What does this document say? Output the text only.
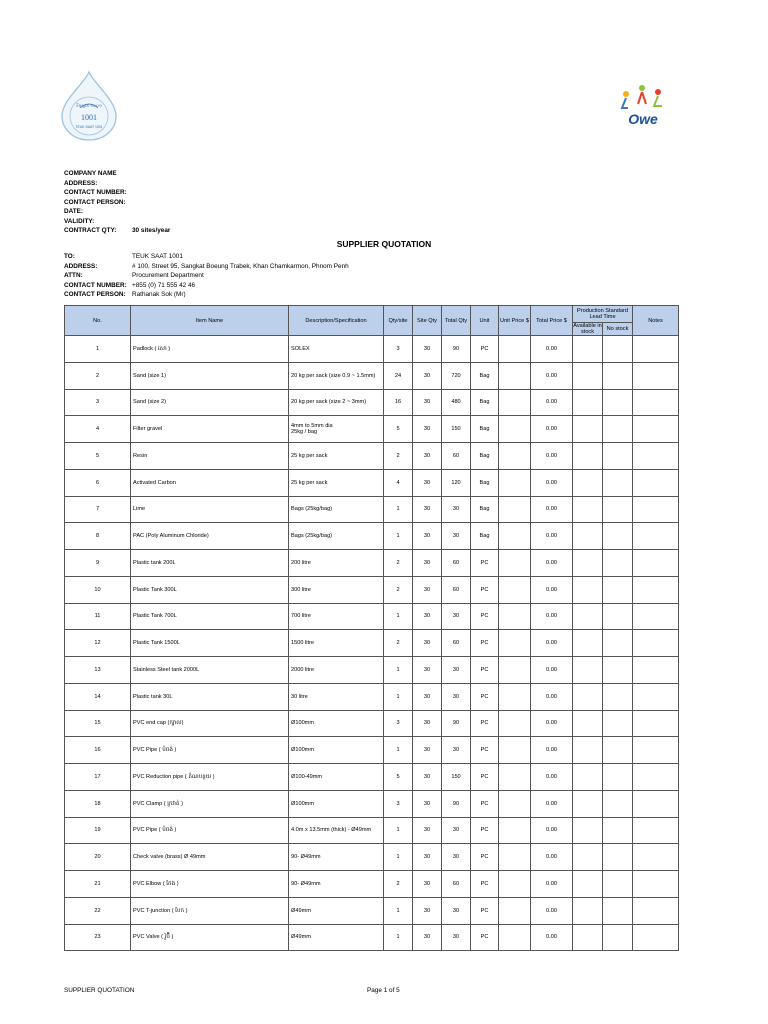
ទឹកស្អាត ១០០១
1001
TEUK SAAT 1001	Owe
COMPANY NAME
ADDRESS:
CONTACT NUMBER:
CONTACT PERSON:
DATE:
VALIDITY:
CONTRACT QTY:	30 sites/year
SUPPLIER QUOTATION
TO:	TEUK SAAT 1001
ADDRESS:	# 100, Street 95, Sangkat Boeung Trabek, Khan Chamkarmon, Phnom Penh
ATTN:	Procurement Department
CONTACT NUMBER: +855 (0) 71 555 42 46
CONTACT PERSON: Rathanak Sok (Mr)
No.	Item Name	Description/Specification	Qty/site	Site Qty	Total Qty	Unit	Unit Price $	Total Price $	Production Standard Lead Time		Notes
									Available in stock	No stock	
1	Padlock ( ​សោ )	SOLEX	3	30	90	PC		0.00			
2	Sand (size 1)	20 kg per sack (size 0.9 ~ 1.5mm)	24	30	720	Bag		0.00			
3	Sand (size 2)	20 kg per sack (size 2 ~ 3mm)	16	30	480	Bag		0.00			
4	Filter gravel	4mm to 5mm dia
25kg / bag	5	30	150	Bag		0.00			
5	Resin	25 kg per sack	2	30	60	Bag		0.00			
6	Activated Carbon	25 kg per sack	4	30	120	Bag		0.00			
7	Lime	Bags (25kg/bag)	1	30	30	Bag		0.00			
8	PAC (Poly Aluminum Chloride)	Bags (25kg/bag)	1	30	30	Bag		0.00			
9	Plastic tank 200L	200 litre	2	30	60	PC		0.00			
10	Plastic Tank 300L	300 litre	2	30	60	PC		0.00			
11	Plastic Tank 700L	700 litre	1	30	30	PC		0.00			
12	Plastic Tank 1500L	1500 litre	2	30	60	PC		0.00			
13	Stainless Steel tank 2000L	2000 litre	1	30	30	PC		0.00			
14	Plastic tank 30L	30 litre	1	30	30	PC		0.00			
15	PVC end cap (​ក្បាល)	Ø100mm	3	30	90	PC		0.00			
16	PVC Pipe ( ​បំពង់ )	Ø100mm	1	30	30	PC		0.00			
17	PVC Reduction pipe ( ​តំណបន្ថយ )	Ø100-49mm	5	30	150	PC		0.00			
18	PVC Clamp ( ​ក្រវាត់ )	Ø100mm	3	30	90	PC		0.00			
19	PVC Pipe ( ​បំពង់ )	4.0m x 13.5mm (thick) - Ø49mm	1	30	30	PC		0.00			
20	Check valve (brass) Ø 49mm	90- Ø49mm	1	30	30	PC		0.00			
21	PVC Elbow ( ​កែង )	90- Ø49mm	2	30	60	PC		0.00			
22	PVC T-junction ( ​បែក )	Ø49mm	1	30	30	PC		0.00			
23	PVC Valve ( ​រ៉ូប៊ី )	Ø49mm	1	30	30	PC		0.00			
SUPPLIER QUOTATION	Page 1 of 5
